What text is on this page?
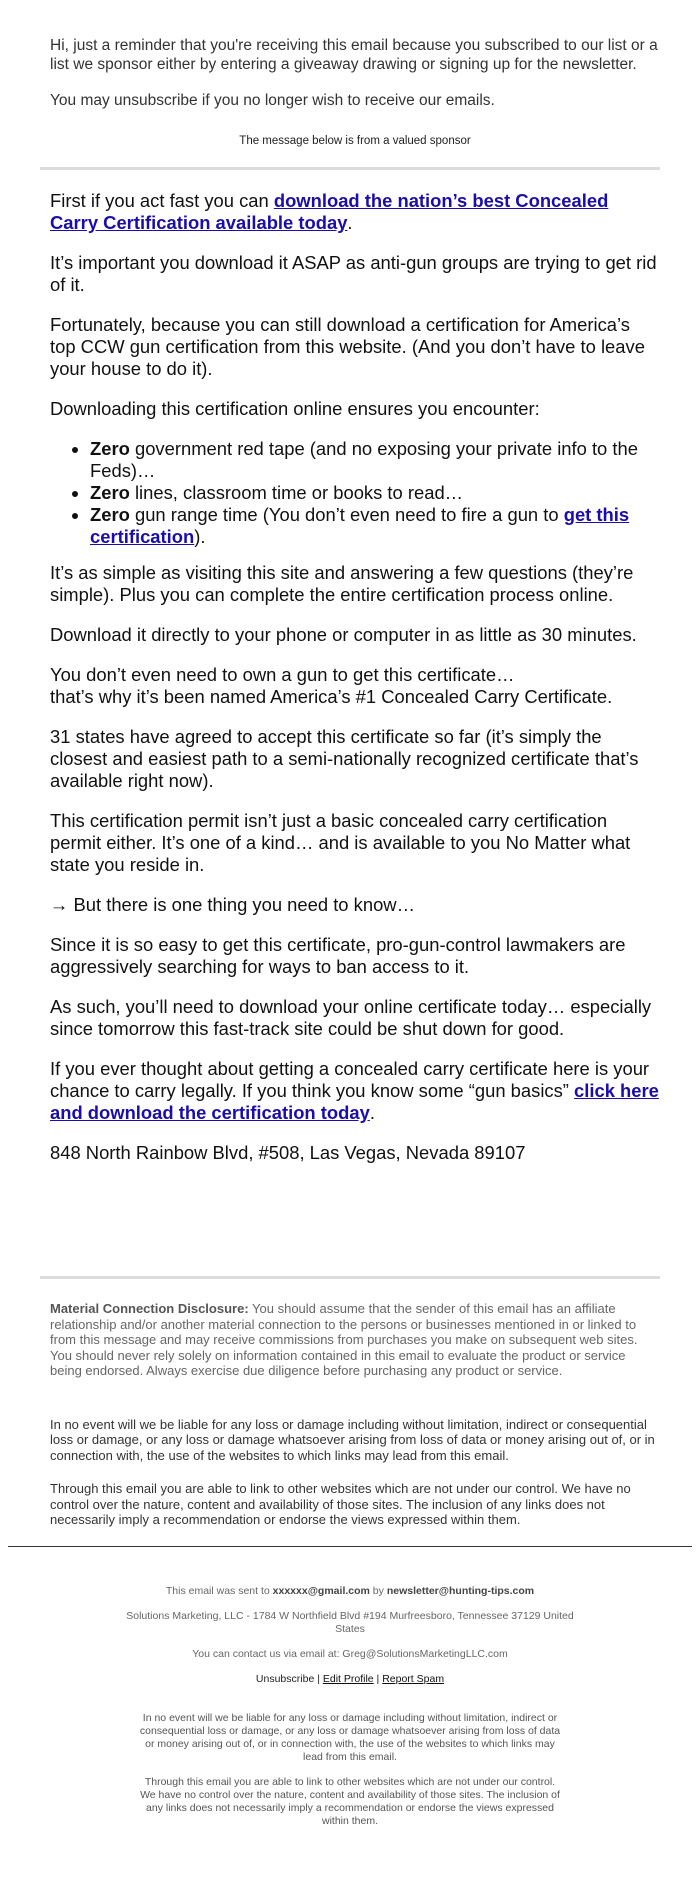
Hi, just a reminder that you're receiving this email because you subscribed to our list or a list we sponsor either by entering a giveaway drawing or signing up for the newsletter.

You may unsubscribe if you no longer wish to receive our emails.

The message below is from a valued sponsor

First if you act fast you can download the nation’s best Concealed Carry Certification available today.

It’s important you download it ASAP as anti-gun groups are trying to get rid of it.

Fortunately, because you can still download a certification for America’s top CCW gun certification from this website. (And you don’t have to leave your house to do it).

Downloading this certification online ensures you encounter:

• Zero government red tape (and no exposing your private info to the Feds)…
• Zero lines, classroom time or books to read…
• Zero gun range time (You don’t even need to fire a gun to get this certification).

It’s as simple as visiting this site and answering a few questions (they’re simple). Plus you can complete the entire certification process online.

Download it directly to your phone or computer in as little as 30 minutes.

You don’t even need to own a gun to get this certificate…
that’s why it’s been named America’s #1 Concealed Carry Certificate.

31 states have agreed to accept this certificate so far (it’s simply the closest and easiest path to a semi-nationally recognized certificate that’s available right now).

This certification permit isn’t just a basic concealed carry certification permit either. It’s one of a kind… and is available to you No Matter what state you reside in.

→ But there is one thing you need to know…

Since it is so easy to get this certificate, pro-gun-control lawmakers are aggressively searching for ways to ban access to it.

As such, you’ll need to download your online certificate today… especially since tomorrow this fast-track site could be shut down for good.

If you ever thought about getting a concealed carry certificate here is your chance to carry legally. If you think you know some “gun basics” click here and download the certification today.

848 North Rainbow Blvd, #508, Las Vegas, Nevada 89107

Material Connection Disclosure: You should assume that the sender of this email has an affiliate relationship and/or another material connection to the persons or businesses mentioned in or linked to from this message and may receive commissions from purchases you make on subsequent web sites. You should never rely solely on information contained in this email to evaluate the product or service being endorsed. Always exercise due diligence before purchasing any product or service.

In no event will we be liable for any loss or damage including without limitation, indirect or consequential loss or damage, or any loss or damage whatsoever arising from loss of data or money arising out of, or in connection with, the use of the websites to which links may lead from this email.

Through this email you are able to link to other websites which are not under our control. We have no control over the nature, content and availability of those sites. The inclusion of any links does not necessarily imply a recommendation or endorse the views expressed within them.

This email was sent to xxxxxx@gmail.com by newsletter@hunting-tips.com

Solutions Marketing, LLC - 1784 W Northfield Blvd #194 Murfreesboro, Tennessee 37129 United States

You can contact us via email at: Greg@SolutionsMarketingLLC.com

Unsubscribe | Edit Profile | Report Spam

In no event will we be liable for any loss or damage including without limitation, indirect or consequential loss or damage, or any loss or damage whatsoever arising from loss of data or money arising out of, or in connection with, the use of the websites to which links may lead from this email.

Through this email you are able to link to other websites which are not under our control. We have no control over the nature, content and availability of those sites. The inclusion of any links does not necessarily imply a recommendation or endorse the views expressed within them.
